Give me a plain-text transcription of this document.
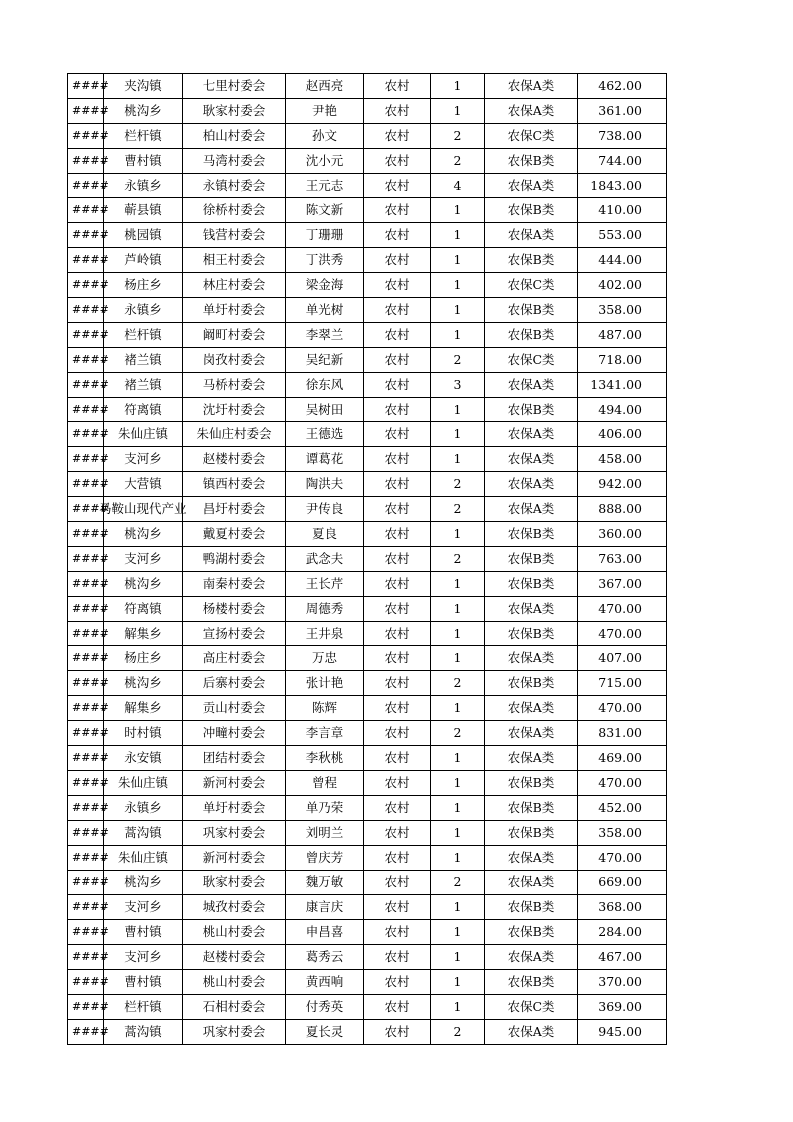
####	夹沟镇	七里村委会	赵西亮	农村	1	农保A类	462.00
####	桃沟乡	耿家村委会	尹艳	农村	1	农保A类	361.00
####	栏杆镇	柏山村委会	孙文	农村	2	农保C类	738.00
####	曹村镇	马湾村委会	沈小元	农村	2	农保B类	744.00
####	永镇乡	永镇村委会	王元志	农村	4	农保A类	1843.00
####	蕲县镇	徐桥村委会	陈文新	农村	1	农保B类	410.00
####	桃园镇	钱营村委会	丁珊珊	农村	1	农保A类	553.00
####	芦岭镇	相王村委会	丁洪秀	农村	1	农保B类	444.00
####	杨庄乡	林庄村委会	梁金海	农村	1	农保C类	402.00
####	永镇乡	单圩村委会	单光树	农村	1	农保B类	358.00
####	栏杆镇	阚町村委会	李翠兰	农村	1	农保B类	487.00
####	褚兰镇	岗孜村委会	吴纪新	农村	2	农保C类	718.00
####	褚兰镇	马桥村委会	徐东风	农村	3	农保A类	1341.00
####	符离镇	沈圩村委会	吴树田	农村	1	农保B类	494.00
####	朱仙庄镇	朱仙庄村委会	王德选	农村	1	农保A类	406.00
####	支河乡	赵楼村委会	谭葛花	农村	1	农保A类	458.00
####	大营镇	镇西村委会	陶洪夫	农村	2	农保A类	942.00
####	马鞍山现代产业	昌圩村委会	尹传良	农村	2	农保A类	888.00
####	桃沟乡	戴夏村委会	夏良	农村	1	农保B类	360.00
####	支河乡	鸭湖村委会	武念夫	农村	2	农保B类	763.00
####	桃沟乡	南秦村委会	王长芹	农村	1	农保B类	367.00
####	符离镇	杨楼村委会	周德秀	农村	1	农保A类	470.00
####	解集乡	宣扬村委会	王井泉	农村	1	农保B类	470.00
####	杨庄乡	高庄村委会	万忠	农村	1	农保A类	407.00
####	桃沟乡	后寨村委会	张计艳	农村	2	农保B类	715.00
####	解集乡	贡山村委会	陈辉	农村	1	农保A类	470.00
####	时村镇	冲疃村委会	李言章	农村	2	农保A类	831.00
####	永安镇	团结村委会	李秋桃	农村	1	农保A类	469.00
####	朱仙庄镇	新河村委会	曾程	农村	1	农保B类	470.00
####	永镇乡	单圩村委会	单乃荣	农村	1	农保B类	452.00
####	蒿沟镇	巩家村委会	刘明兰	农村	1	农保B类	358.00
####	朱仙庄镇	新河村委会	曾庆芳	农村	1	农保A类	470.00
####	桃沟乡	耿家村委会	魏万敏	农村	2	农保A类	669.00
####	支河乡	城孜村委会	康言庆	农村	1	农保B类	368.00
####	曹村镇	桃山村委会	申昌喜	农村	1	农保B类	284.00
####	支河乡	赵楼村委会	葛秀云	农村	1	农保A类	467.00
####	曹村镇	桃山村委会	黄西响	农村	1	农保B类	370.00
####	栏杆镇	石相村委会	付秀英	农村	1	农保C类	369.00
####	蒿沟镇	巩家村委会	夏长灵	农村	2	农保A类	945.00
